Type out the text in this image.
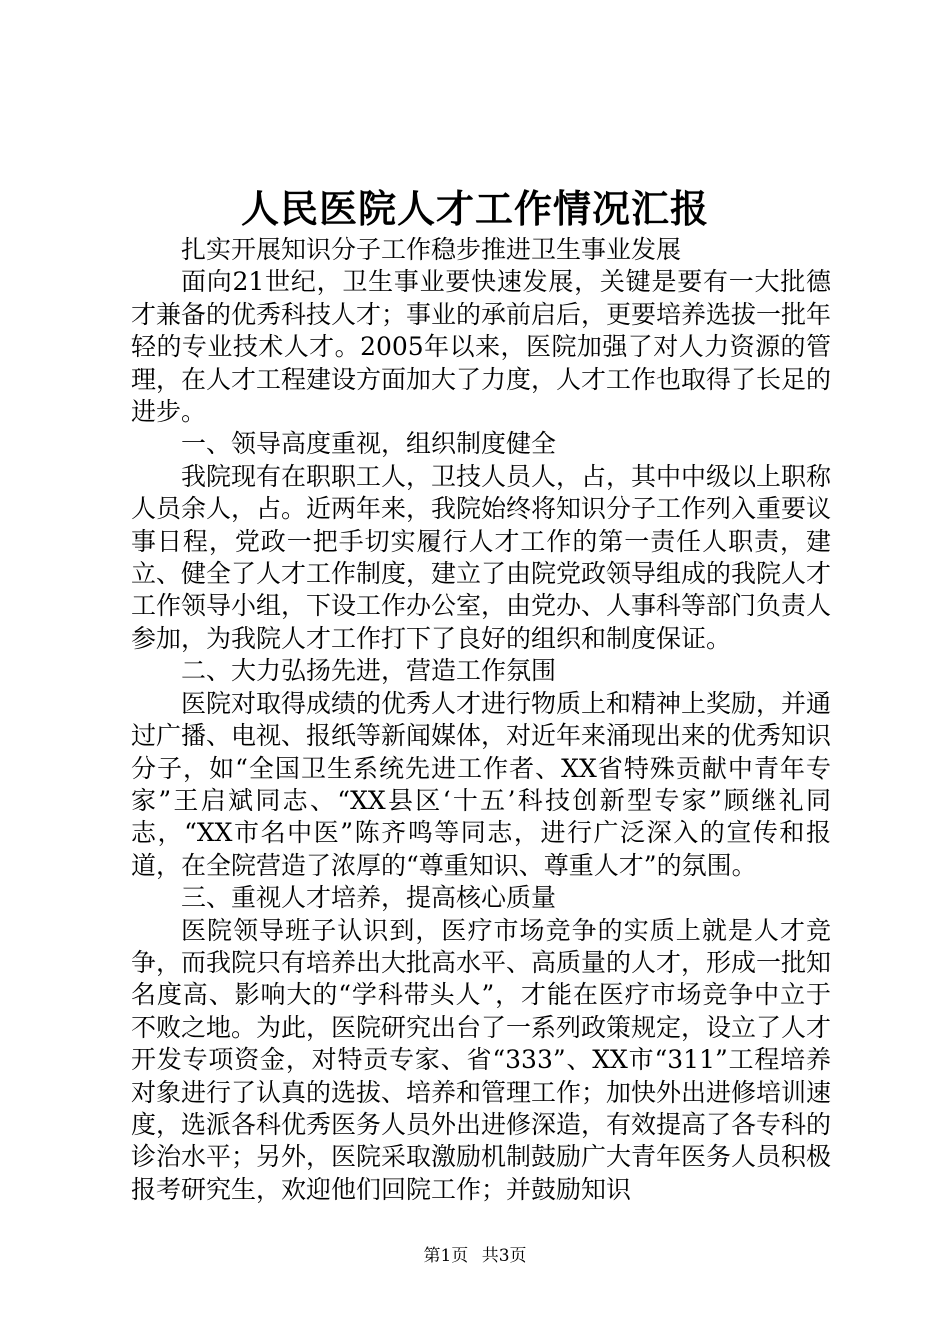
人民医院人才工作情况汇报

扎实开展知识分子工作稳步推进卫生事业发展

面向21世纪，卫生事业要快速发展，关键是要有一大批德才兼备的优秀科技人才；事业的承前启后，更要培养选拔一批年轻的专业技术人才。2005年以来，医院加强了对人力资源的管理，在人才工程建设方面加大了力度，人才工作也取得了长足的进步。

一、领导高度重视，组织制度健全

我院现有在职职工人，卫技人员人，占，其中中级以上职称人员余人，占。近两年来，我院始终将知识分子工作列入重要议事日程，党政一把手切实履行人才工作的第一责任人职责，建立、健全了人才工作制度，建立了由院党政领导组成的我院人才工作领导小组，下设工作办公室，由党办、人事科等部门负责人参加，为我院人才工作打下了良好的组织和制度保证。

二、大力弘扬先进，营造工作氛围

医院对取得成绩的优秀人才进行物质上和精神上奖励，并通过广播、电视、报纸等新闻媒体，对近年来涌现出来的优秀知识分子，如“全国卫生系统先进工作者、XX省特殊贡献中青年专家”王启斌同志、“XX县区‘十五’科技创新型专家”顾继礼同志，“XX市名中医”陈齐鸣等同志，进行广泛深入的宣传和报道，在全院营造了浓厚的“尊重知识、尊重人才”的氛围。

三、重视人才培养，提高核心质量

医院领导班子认识到，医疗市场竞争的实质上就是人才竞争，而我院只有培养出大批高水平、高质量的人才，形成一批知名度高、影响大的“学科带头人”，才能在医疗市场竞争中立于不败之地。为此，医院研究出台了一系列政策规定，设立了人才开发专项资金，对特贡专家、省“333”、XX市“311”工程培养对象进行了认真的选拔、培养和管理工作；加快外出进修培训速度，选派各科优秀医务人员外出进修深造，有效提高了各专科的诊治水平；另外，医院采取激励机制鼓励广大青年医务人员积极报考研究生，欢迎他们回院工作；并鼓励知识

第1页 共3页
